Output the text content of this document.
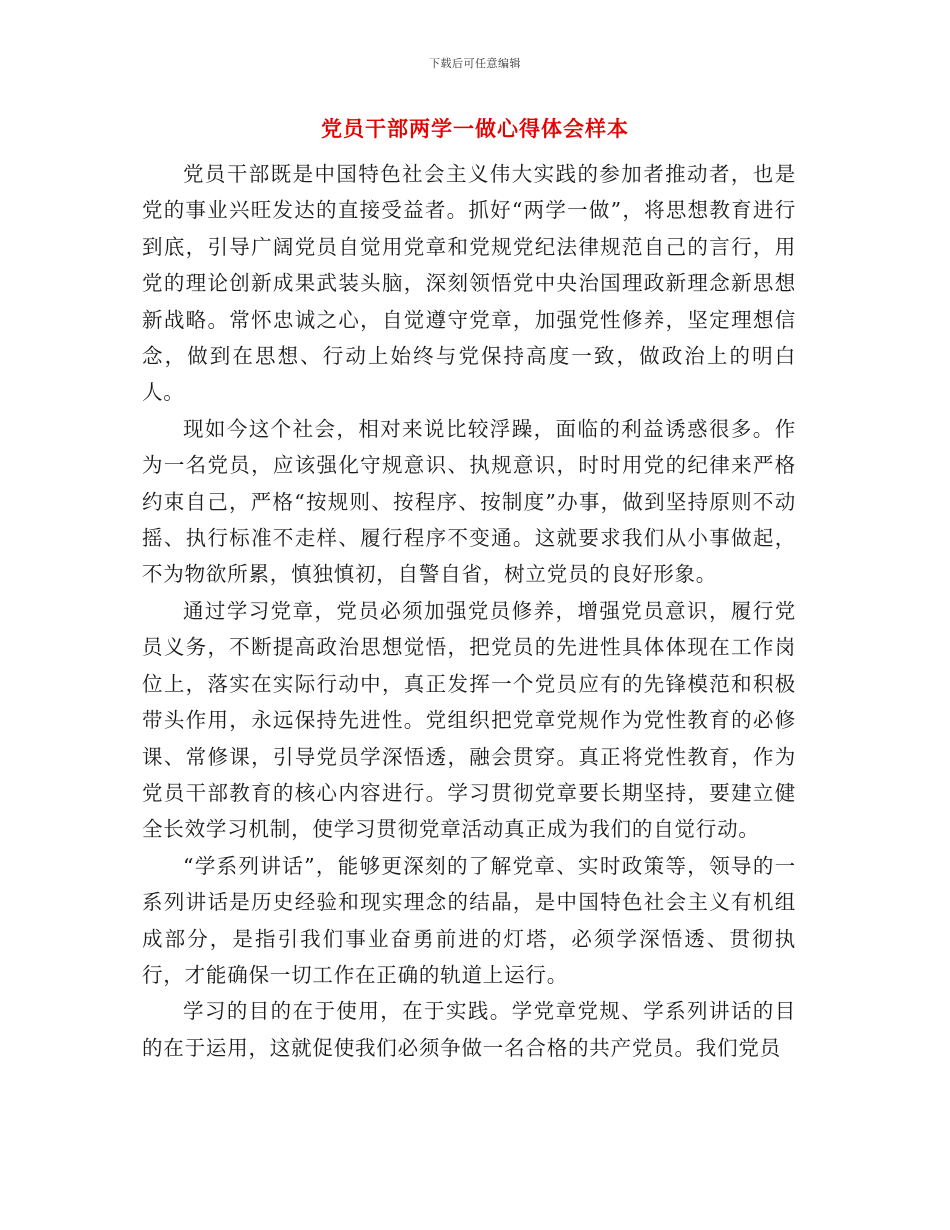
下载后可任意编辑
党员干部两学一做心得体会样本

党员干部既是中国特色社会主义伟大实践的参加者推动者，也是党的事业兴旺发达的直接受益者。抓好“两学一做”，将思想教育进行到底，引导广阔党员自觉用党章和党规党纪法律规范自己的言行，用党的理论创新成果武装头脑，深刻领悟党中央治国理政新理念新思想新战略。常怀忠诚之心，自觉遵守党章，加强党性修养，坚定理想信念，做到在思想、行动上始终与党保持高度一致，做政治上的明白人。

现如今这个社会，相对来说比较浮躁，面临的利益诱惑很多。作为一名党员，应该强化守规意识、执规意识，时时用党的纪律来严格约束自己，严格“按规则、按程序、按制度”办事，做到坚持原则不动摇、执行标准不走样、履行程序不变通。这就要求我们从小事做起，不为物欲所累，慎独慎初，自警自省，树立党员的良好形象。

通过学习党章，党员必须加强党员修养，增强党员意识，履行党员义务，不断提高政治思想觉悟，把党员的先进性具体体现在工作岗位上，落实在实际行动中，真正发挥一个党员应有的先锋模范和积极带头作用，永远保持先进性。党组织把党章党规作为党性教育的必修课、常修课，引导党员学深悟透，融会贯穿。真正将党性教育，作为党员干部教育的核心内容进行。学习贯彻党章要长期坚持，要建立健全长效学习机制，使学习贯彻党章活动真正成为我们的自觉行动。

“学系列讲话”，能够更深刻的了解党章、实时政策等，领导的一系列讲话是历史经验和现实理念的结晶，是中国特色社会主义有机组成部分，是指引我们事业奋勇前进的灯塔，必须学深悟透、贯彻执行，才能确保一切工作在正确的轨道上运行。

学习的目的在于使用，在于实践。学党章党规、学系列讲话的目的在于运用，这就促使我们必须争做一名合格的共产党员。我们党员
